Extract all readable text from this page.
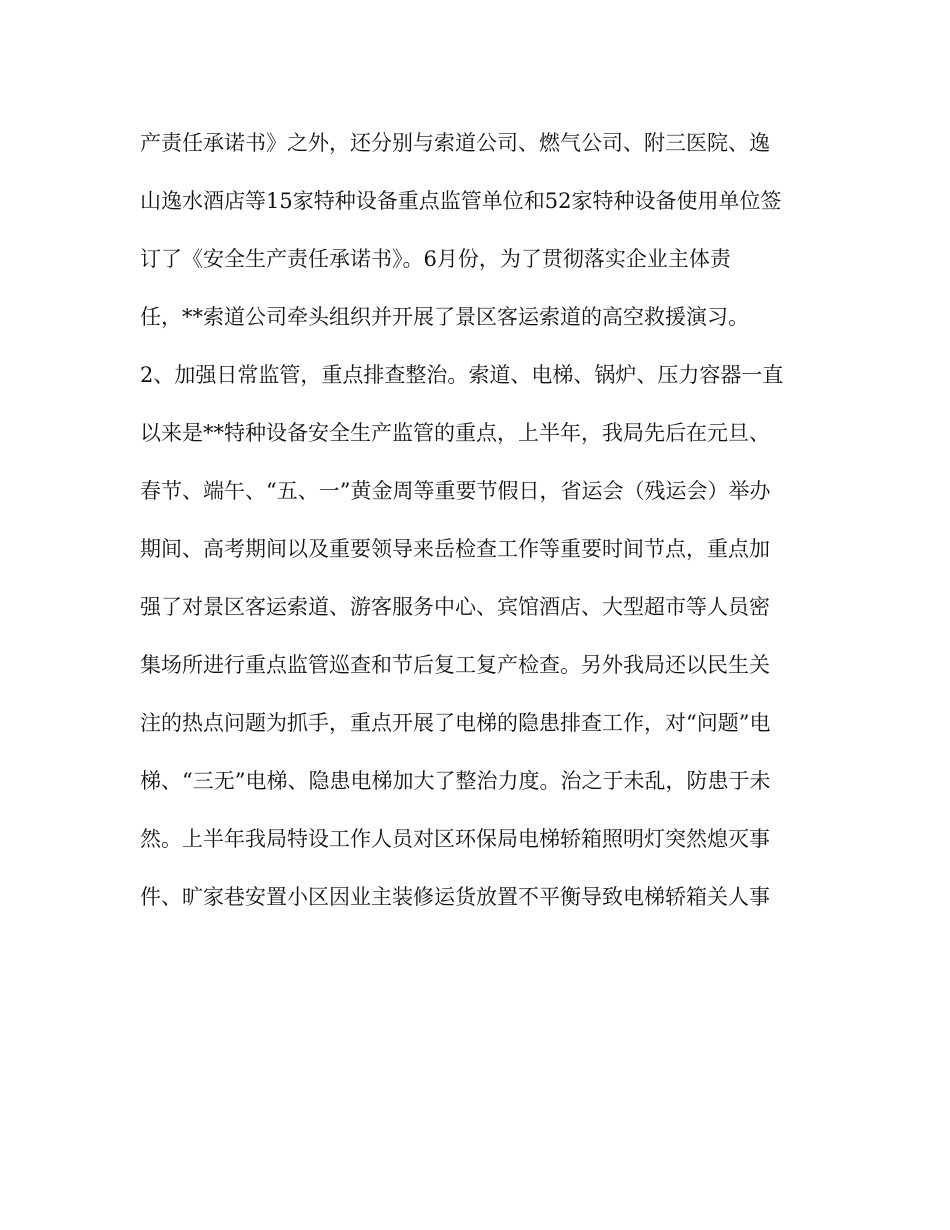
产责任承诺书》之外，还分别与索道公司、燃气公司、附三医院、逸
山逸水酒店等15家特种设备重点监管单位和52家特种设备使用单位签
订了《安全生产责任承诺书》。6月份，为了贯彻落实企业主体责
任，**索道公司牵头组织并开展了景区客运索道的高空救援演习。
2、加强日常监管，重点排查整治。索道、电梯、锅炉、压力容器一直
以来是**特种设备安全生产监管的重点，上半年，我局先后在元旦、
春节、端午、“五、一”黄金周等重要节假日，省运会（残运会）举办
期间、高考期间以及重要领导来岳检查工作等重要时间节点，重点加
强了对景区客运索道、游客服务中心、宾馆酒店、大型超市等人员密
集场所进行重点监管巡查和节后复工复产检查。另外我局还以民生关
注的热点问题为抓手，重点开展了电梯的隐患排查工作，对“问题”电
梯、“三无”电梯、隐患电梯加大了整治力度。治之于未乱，防患于未
然。上半年我局特设工作人员对区环保局电梯轿箱照明灯突然熄灭事
件、旷家巷安置小区因业主装修运货放置不平衡导致电梯轿箱关人事
